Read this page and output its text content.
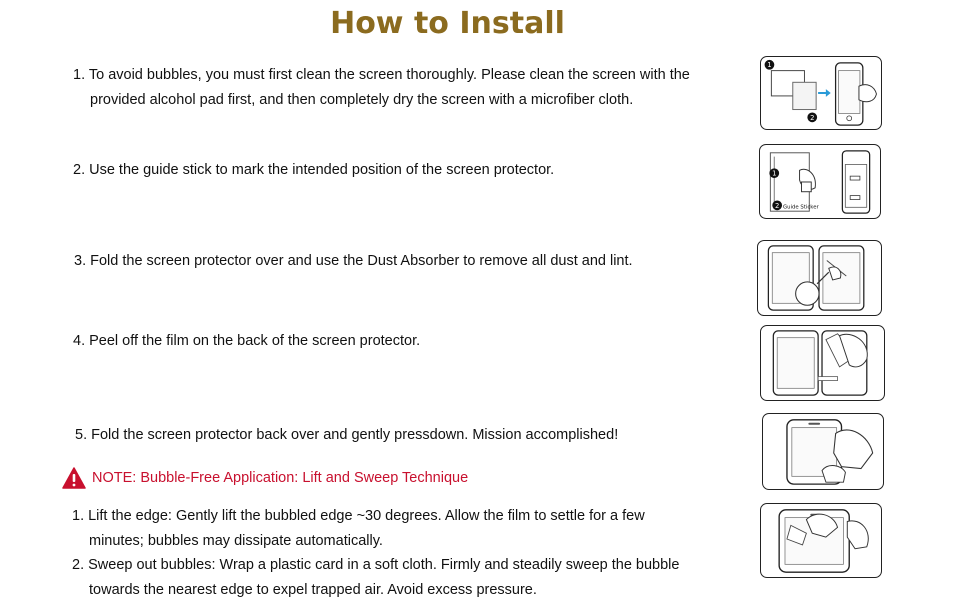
How to Install
1. To avoid bubbles, you must first clean the screen thoroughly. Please clean the screen with the
provided alcohol pad first, and then completely dry the screen with a microfiber cloth.
2. Use the guide stick to mark the intended position of the screen protector.
3. Fold the screen protector over and use the Dust Absorber to remove all dust and lint.
4. Peel off the film on the back of the screen protector.
5. Fold the screen protector back over and gently pressdown. Mission accomplished!
NOTE: Bubble-Free Application: Lift and Sweep Technique
1. Lift the edge: Gently lift the bubbled edge ~30 degrees. Allow the film to settle for a few
minutes; bubbles may dissipate automatically.
2. Sweep out bubbles: Wrap a plastic card in a soft cloth. Firmly and steadily sweep the bubble
towards the nearest edge to expel trapped air. Avoid excess pressure.
1
2
1
2 Guide Sticker
